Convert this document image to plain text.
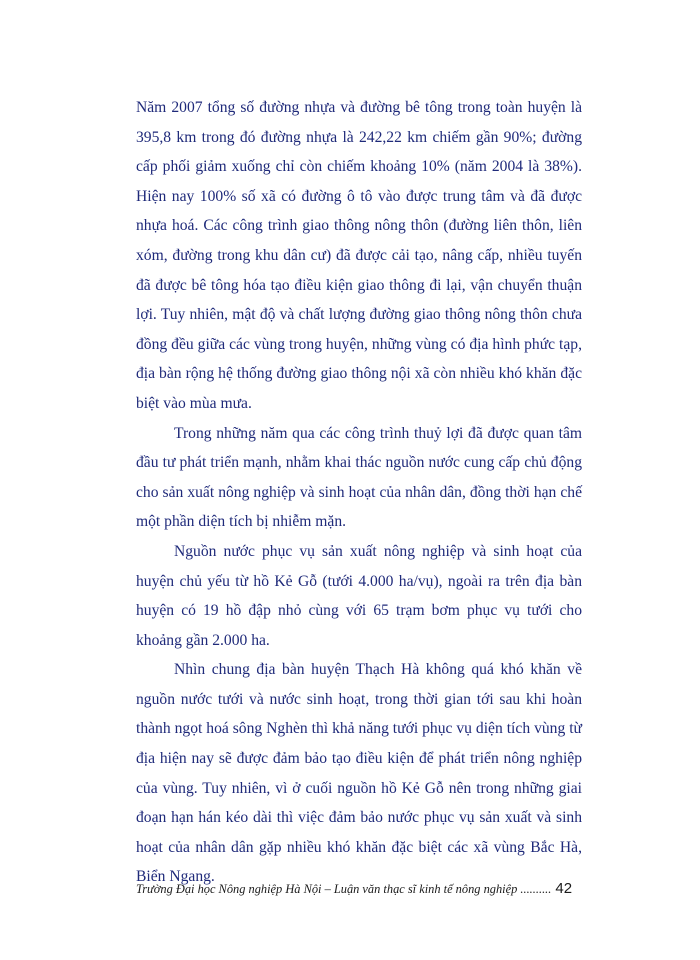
Năm 2007 tổng số đường nhựa và đường bê tông trong toàn huyện là 395,8 km trong đó đường nhựa là 242,22 km chiếm gần 90%; đường cấp phối giảm xuống chỉ còn chiếm khoảng 10% (năm 2004 là 38%). Hiện nay 100% số xã có đường ô tô vào được trung tâm và đã được nhựa hoá. Các công trình giao thông nông thôn (đường liên thôn, liên xóm, đường trong khu dân cư) đã được cải tạo, nâng cấp, nhiều tuyến đã được bê tông hóa tạo điều kiện giao thông đi lại, vận chuyển thuận lợi. Tuy nhiên, mật độ và chất lượng đường giao thông nông thôn chưa đồng đều giữa các vùng trong huyện, những vùng có địa hình phức tạp, địa bàn rộng hệ thống đường giao thông nội xã còn nhiều khó khăn đặc biệt vào mùa mưa.

Trong những năm qua các công trình thuỷ lợi đã được quan tâm đầu tư phát triển mạnh, nhằm khai thác nguồn nước cung cấp chủ động cho sản xuất nông nghiệp và sinh hoạt của nhân dân, đồng thời hạn chế một phần diện tích bị nhiễm mặn.

Nguồn nước phục vụ sản xuất nông nghiệp và sinh hoạt của huyện chủ yếu từ hồ Kẻ Gỗ (tưới 4.000 ha/vụ), ngoài ra trên địa bàn huyện có 19 hồ đập nhỏ cùng với 65 trạm bơm phục vụ tưới cho khoảng gần 2.000 ha.

Nhìn chung địa bàn huyện Thạch Hà không quá khó khăn về nguồn nước tưới và nước sinh hoạt, trong thời gian tới sau khi hoàn thành ngọt hoá sông Nghèn thì khả năng tưới phục vụ diện tích vùng từ địa hiện nay sẽ được đảm bảo tạo điều kiện để phát triển nông nghiệp của vùng. Tuy nhiên, vì ở cuối nguồn hồ Kẻ Gỗ nên trong những giai đoạn hạn hán kéo dài thì việc đảm bảo nước phục vụ sản xuất và sinh hoạt của nhân dân gặp nhiều khó khăn đặc biệt các xã vùng Bắc Hà, Biển Ngang.

Trường Đại học Nông nghiệp Hà Nội – Luận văn thạc sĩ kinh tế nông nghiệp .......... 42
